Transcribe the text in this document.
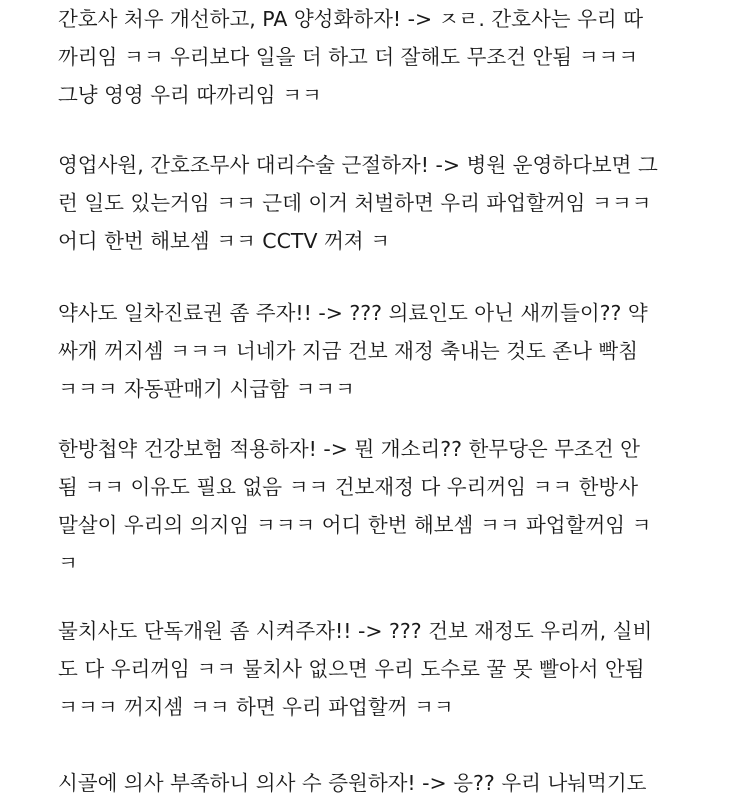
간호사 처우 개선하고, PA 양성화하자! -> ㅈㄹ. 간호사는 우리 따
까리임 ㅋㅋ 우리보다 일을 더 하고 더 잘해도 무조건 안됨 ㅋㅋㅋ
그냥 영영 우리 따까리임 ㅋㅋ
영업사원, 간호조무사 대리수술 근절하자! -> 병원 운영하다보면 그
런 일도 있는거임 ㅋㅋ 근데 이거 처벌하면 우리 파업할꺼임 ㅋㅋㅋ
어디 한번 해보셈 ㅋㅋ CCTV 꺼져 ㅋ
약사도 일차진료권 좀 주자!! -> ??? 의료인도 아닌 새끼들이?? 약
싸개 꺼지셈 ㅋㅋㅋ 너네가 지금 건보 재정 축내는 것도 존나 빡침
ㅋㅋㅋ 자동판매기 시급함 ㅋㅋㅋ
한방첩약 건강보험 적용하자! -> 뭔 개소리?? 한무당은 무조건 안
됨 ㅋㅋ 이유도 필요 없음 ㅋㅋ 건보재정 다 우리꺼임 ㅋㅋ 한방사
말살이 우리의 의지임 ㅋㅋㅋ 어디 한번 해보셈 ㅋㅋ 파업할꺼임 ㅋ
ㅋ
물치사도 단독개원 좀 시켜주자!! -> ??? 건보 재정도 우리꺼, 실비
도 다 우리꺼임 ㅋㅋ 물치사 없으면 우리 도수로 꿀 못 빨아서 안됨
ㅋㅋㅋ 꺼지셈 ㅋㅋ 하면 우리 파업할꺼 ㅋㅋ
시골에 의사 부족하니 의사 수 증원하자! -> 응?? 우리 나눠먹기도
